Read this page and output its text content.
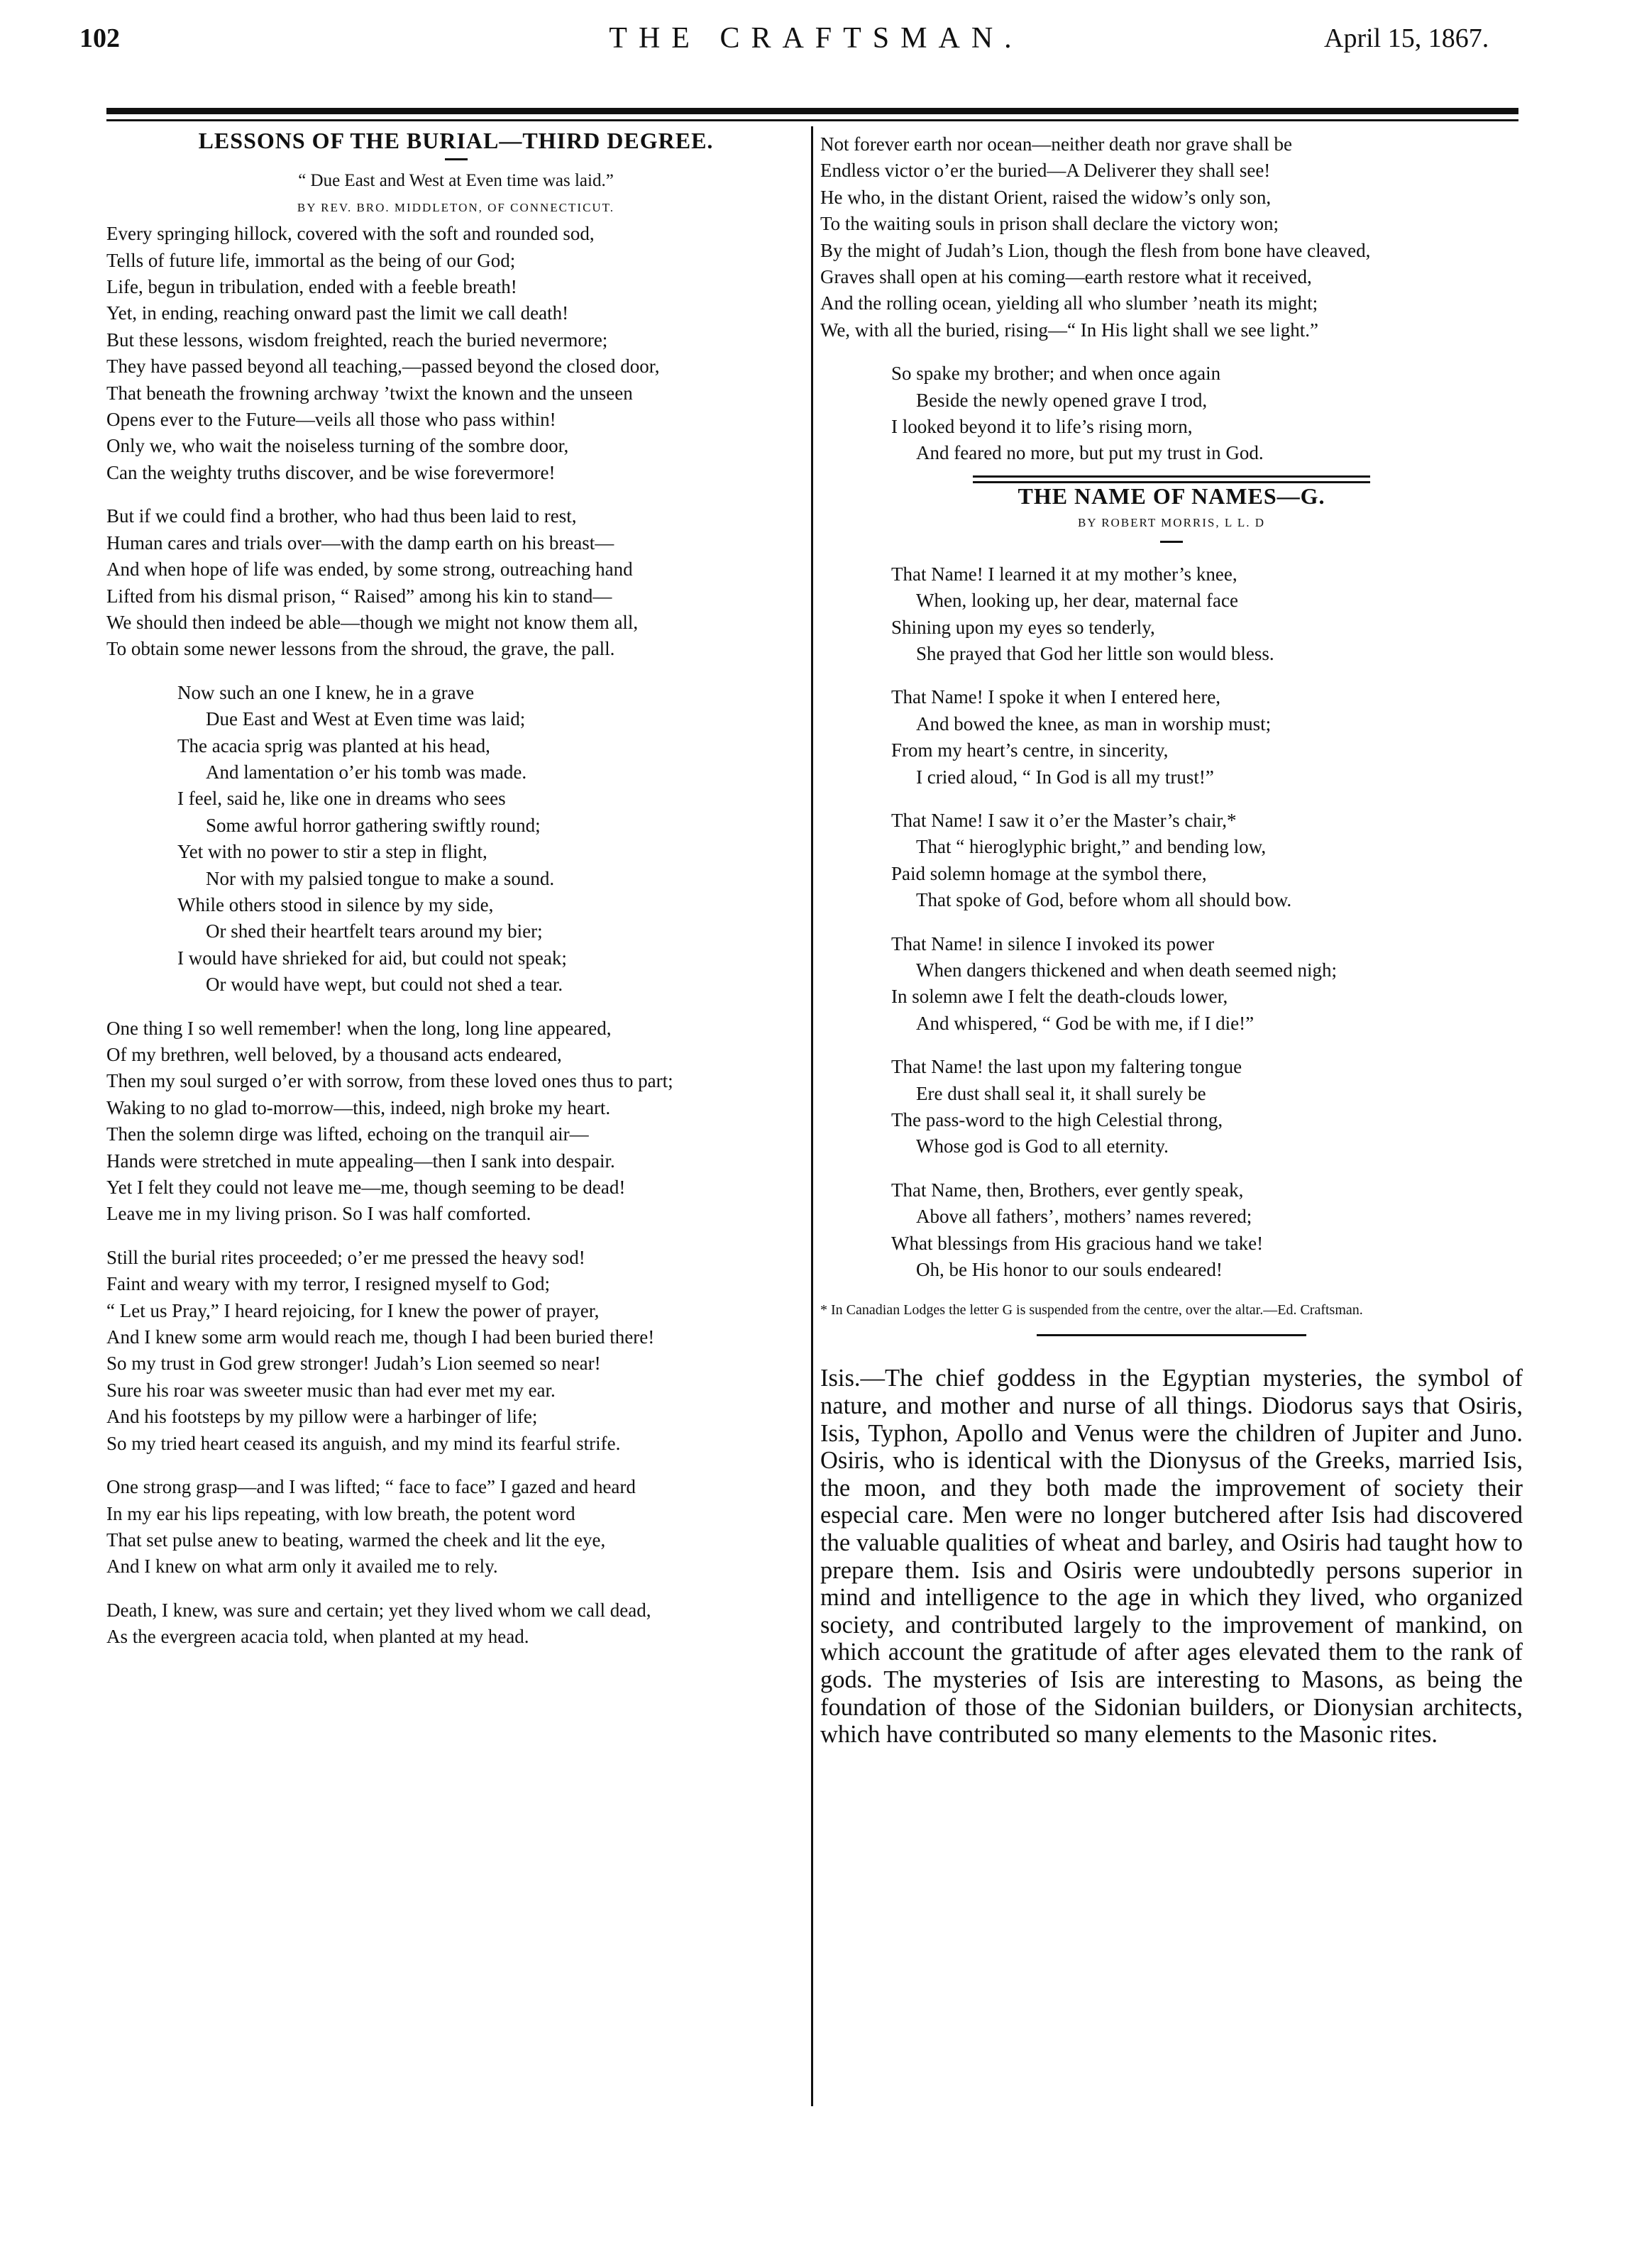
102	THE CRAFTSMAN.	April 15, 1867.

LESSONS OF THE BURIAL—THIRD DEGREE.

“ Due East and West at Even time was laid.”

BY REV. BRO. MIDDLETON, OF CONNECTICUT.

Every springing hillock, covered with the soft and rounded sod,

Tells of future life, immortal as the being of our God;

Life, begun in tribulation, ended with a feeble breath!

Yet, in ending, reaching onward past the limit we call death!

But these lessons, wisdom freighted, reach the buried nevermore;

They have passed beyond all teaching,—passed beyond the closed door,

That beneath the frowning archway ’twixt the known and the unseen

Opens ever to the Future—veils all those who pass within!

Only we, who wait the noiseless turning of the sombre door,

Can the weighty truths discover, and be wise forevermore!

But if we could find a brother, who had thus been laid to rest,

Human cares and trials over—with the damp earth on his breast—

And when hope of life was ended, by some strong, outreaching hand

Lifted from his dismal prison, “ Raised” among his kin to stand—

We should then indeed be able—though we might not know them all,

To obtain some newer lessons from the shroud, the grave, the pall.

Now such an one I knew, he in a grave

Due East and West at Even time was laid;

The acacia sprig was planted at his head,

And lamentation o’er his tomb was made.

I feel, said he, like one in dreams who sees

Some awful horror gathering swiftly round;

Yet with no power to stir a step in flight,

Nor with my palsied tongue to make a sound.

While others stood in silence by my side,

Or shed their heartfelt tears around my bier;

I would have shrieked for aid, but could not speak;

Or would have wept, but could not shed a tear.

One thing I so well remember! when the long, long line appeared,

Of my brethren, well beloved, by a thousand acts endeared,

Then my soul surged o’er with sorrow, from these loved ones thus to part;

Waking to no glad to-morrow—this, indeed, nigh broke my heart.

Then the solemn dirge was lifted, echoing on the tranquil air—

Hands were stretched in mute appealing—then I sank into despair.

Yet I felt they could not leave me—me, though seeming to be dead!

Leave me in my living prison. So I was half comforted.

Still the burial rites proceeded; o’er me pressed the heavy sod!

Faint and weary with my terror, I resigned myself to God;

“ Let us Pray,” I heard rejoicing, for I knew the power of prayer,

And I knew some arm would reach me, though I had been buried there!

So my trust in God grew stronger! Judah’s Lion seemed so near!

Sure his roar was sweeter music than had ever met my ear.

And his footsteps by my pillow were a harbinger of life;

So my tried heart ceased its anguish, and my mind its fearful strife.

One strong grasp—and I was lifted; “ face to face” I gazed and heard

In my ear his lips repeating, with low breath, the potent word

That set pulse anew to beating, warmed the cheek and lit the eye,

And I knew on what arm only it availed me to rely.

Death, I knew, was sure and certain; yet they lived whom we call dead,

As the evergreen acacia told, when planted at my head.

Not forever earth nor ocean—neither death nor grave shall be

Endless victor o’er the buried—A Deliverer they shall see!

He who, in the distant Orient, raised the widow’s only son,

To the waiting souls in prison shall declare the victory won;

By the might of Judah’s Lion, though the flesh from bone have cleaved,

Graves shall open at his coming—earth restore what it received,

And the rolling ocean, yielding all who slumber ’neath its might;

We, with all the buried, rising—“ In His light shall we see light.”

So spake my brother; and when once again

Beside the newly opened grave I trod,

I looked beyond it to life’s rising morn,

And feared no more, but put my trust in God.

THE NAME OF NAMES—G.

BY ROBERT MORRIS, L L. D

That Name! I learned it at my mother’s knee,

When, looking up, her dear, maternal face

Shining upon my eyes so tenderly,

She prayed that God her little son would bless.

That Name! I spoke it when I entered here,

And bowed the knee, as man in worship must;

From my heart’s centre, in sincerity,

I cried aloud, “ In God is all my trust!”

That Name! I saw it o’er the Master’s chair,*

That “ hieroglyphic bright,” and bending low,

Paid solemn homage at the symbol there,

That spoke of God, before whom all should bow.

That Name! in silence I invoked its power

When dangers thickened and when death seemed nigh;

In solemn awe I felt the death-clouds lower,

And whispered, “ God be with me, if I die!”

That Name! the last upon my faltering tongue

Ere dust shall seal it, it shall surely be

The pass-word to the high Celestial throng,

Whose god is God to all eternity.

That Name, then, Brothers, ever gently speak,

Above all fathers’, mothers’ names revered;

What blessings from His gracious hand we take!

Oh, be His honor to our souls endeared!

* In Canadian Lodges the letter G is suspended from the centre, over the altar.—Ed. Craftsman.

Isis.—The chief goddess in the Egyptian mysteries, the symbol of nature, and mother and nurse of all things. Diodorus says that Osiris, Isis, Typhon, Apollo and Venus were the children of Jupiter and Juno. Osiris, who is identical with the Dionysus of the Greeks, married Isis, the moon, and they both made the improvement of society their especial care. Men were no longer butchered after Isis had discovered the valuable qualities of wheat and barley, and Osiris had taught how to prepare them. Isis and Osiris were undoubtedly persons superior in mind and intelligence to the age in which they lived, who organized society, and contributed largely to the improvement of mankind, on which account the gratitude of after ages elevated them to the rank of gods. The mysteries of Isis are interesting to Masons, as being the foundation of those of the Sidonian builders, or Dionysian architects, which have contributed so many elements to the Masonic rites.
